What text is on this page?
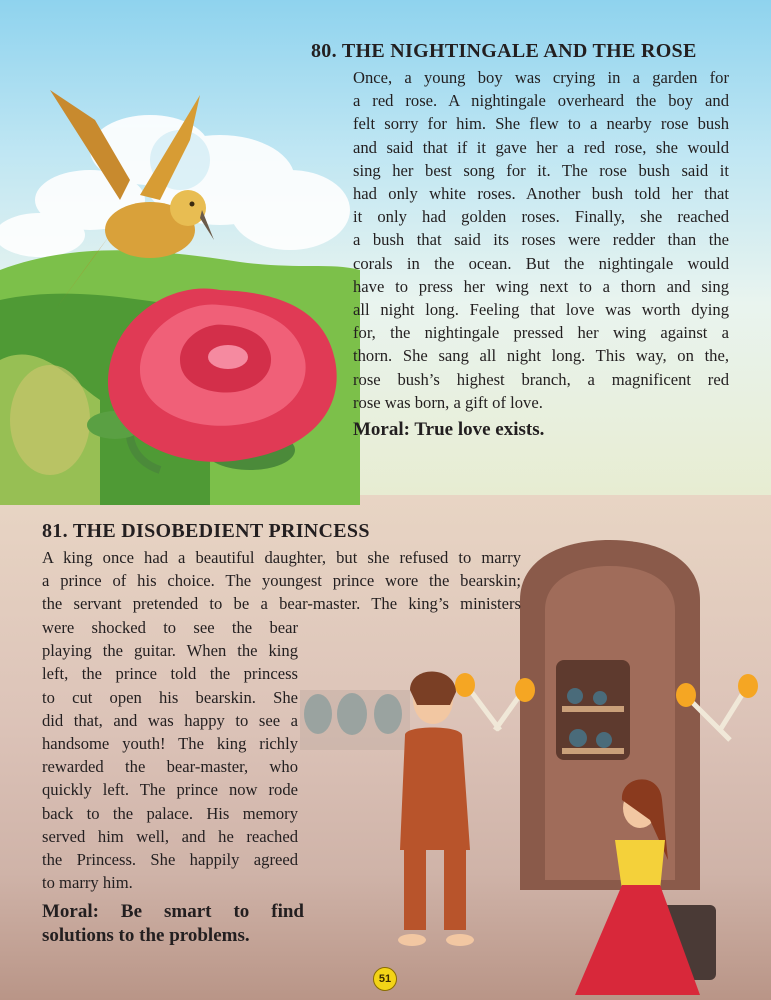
80. THE NIGHTINGALE AND THE ROSE
Once, a young boy was crying in a garden for
a red rose. A nightingale overheard the boy and
felt sorry for him. She flew to a nearby rose bush
and said that if it gave her a red rose, she would
sing her best song for it. The rose bush said it
had only white roses. Another bush told her that
it only had golden roses. Finally, she reached
a bush that said its roses were redder than the
corals in the ocean. But the nightingale would
have to press her wing next to a thorn and sing
all night long. Feeling that love was worth dying
for, the nightingale pressed her wing against a
thorn. She sang all night long. This way, on the,
rose bush’s highest branch, a magnificent red
rose was born, a gift of love.
Moral: True love exists.
81. THE DISOBEDIENT PRINCESS
A king once had a beautiful daughter, but she refused to marry
a prince of his choice. The youngest prince wore the bearskin;
the servant pretended to be a bear-master. The king’s ministers
were shocked to see the bear
playing the guitar. When the king
left, the prince told the princess
to cut open his bearskin. She
did that, and was happy to see a
handsome youth! The king richly
rewarded the bear-master, who
quickly left. The prince now rode
back to the palace. His memory
served him well, and he reached
the Princess. She happily agreed
to marry him.
Moral: Be smart to find
solutions to the problems.
51
